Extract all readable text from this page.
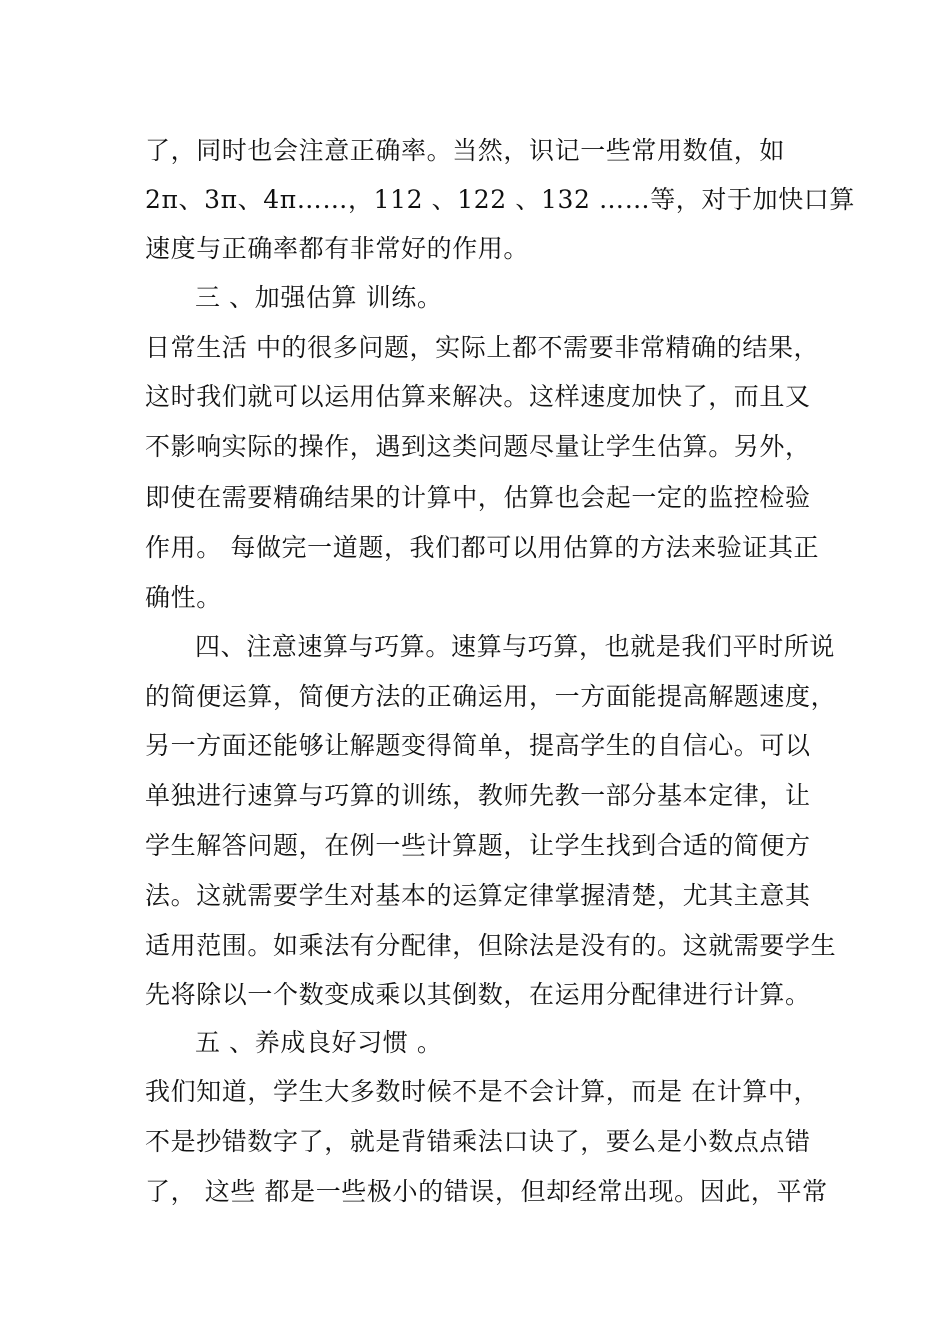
了，同时也会注意正确率。当然，识记一些常用数值，如
2π、3π、4π……，112 、122 、132 ……等，对于加快口算
速度与正确率都有非常好的作用。
三 、加强估算 训练。
日常生活 中的很多问题，实际上都不需要非常精确的结果，
这时我们就可以运用估算来解决。这样速度加快了，而且又
不影响实际的操作，遇到这类问题尽量让学生估算。另外，
即使在需要精确结果的计算中，估算也会起一定的监控检验
作用。 每做完一道题，我们都可以用估算的方法来验证其正
确性。
四、注意速算与巧算。速算与巧算，也就是我们平时所说
的简便运算，简便方法的正确运用，一方面能提高解题速度，
另一方面还能够让解题变得简单，提高学生的自信心。可以
单独进行速算与巧算的训练，教师先教一部分基本定律，让
学生解答问题，在例一些计算题，让学生找到合适的简便方
法。这就需要学生对基本的运算定律掌握清楚，尤其主意其
适用范围。如乘法有分配律，但除法是没有的。这就需要学生
先将除以一个数变成乘以其倒数，在运用分配律进行计算。
五 、养成良好习惯 。
我们知道，学生大多数时候不是不会计算，而是 在计算中，
不是抄错数字了，就是背错乘法口诀了，要么是小数点点错
了， 这些 都是一些极小的错误，但却经常出现。因此，平常
